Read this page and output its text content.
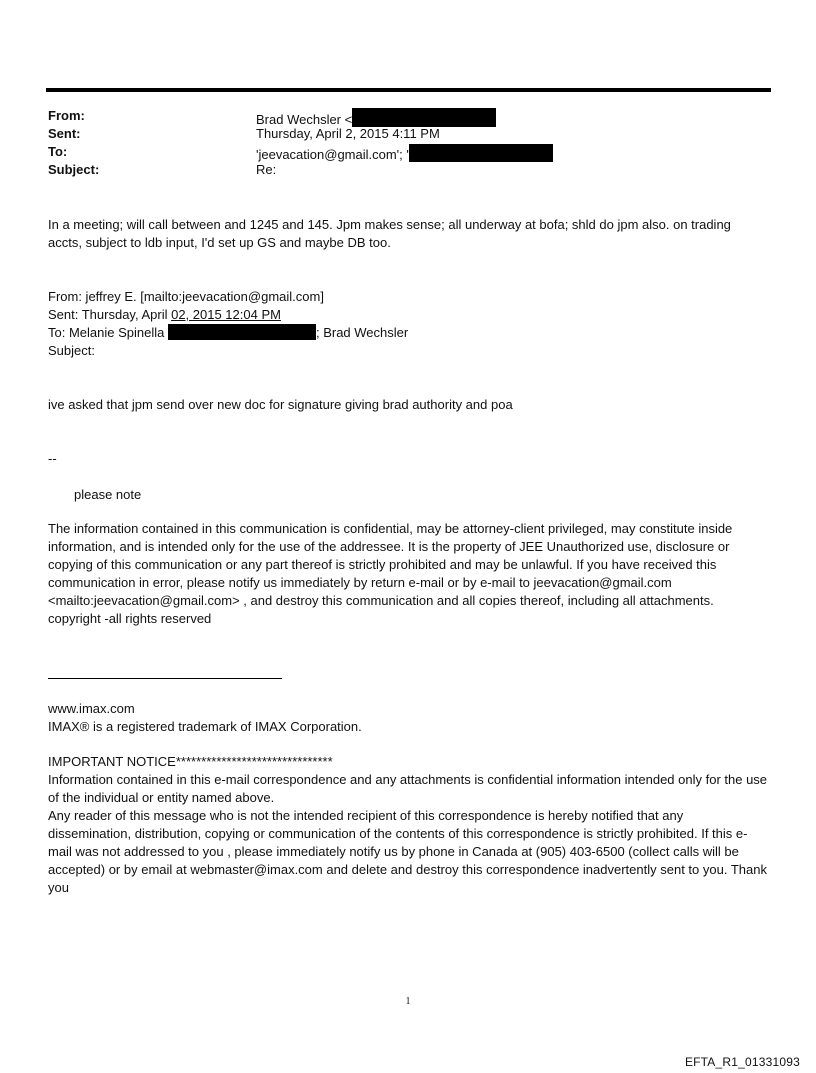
From:	Brad Wechsler <
Sent:	Thursday, April 2, 2015 4:11 PM
To:	'jeevacation@gmail.com'; '
Subject:	Re:
In a meeting; will call between and 1245 and 145. Jpm makes sense; all underway at bofa; shld do jpm also. on trading accts, subject to ldb input, I'd set up GS and maybe DB too.
From: jeffrey E. [mailto:jeevacation@gmail.com]
Sent: Thursday, April 02, 2015 12:04 PM
To: Melanie Spinella	; Brad Wechsler
Subject:
ive asked that jpm send over new doc for signature giving brad authority and poa
--
please note
The information contained in this communication is confidential, may be attorney-client privileged, may constitute inside information, and is intended only for the use of the addressee. It is the property of JEE Unauthorized use, disclosure or copying of this communication or any part thereof is strictly prohibited and may be unlawful. If you have received this communication in error, please notify us immediately by return e-mail or by e-mail to jeevacation@gmail.com <mailto:jeevacation@gmail.com> , and destroy this communication and all copies thereof, including all attachments. copyright -all rights reserved
www.imax.com
IMAX® is a registered trademark of IMAX Corporation.
IMPORTANT NOTICE*******************************
Information contained in this e-mail correspondence and any attachments is confidential information intended only for the use of the individual or entity named above.
Any reader of this message who is not the intended recipient of this correspondence is hereby notified that any dissemination, distribution, copying or communication of the contents of this correspondence is strictly prohibited. If this e-mail was not addressed to you , please immediately notify us by phone in Canada at (905) 403-6500 (collect calls will be accepted) or by email at webmaster@imax.com and delete and destroy this correspondence inadvertently sent to you. Thank you
1
EFTA_R1_01331093
